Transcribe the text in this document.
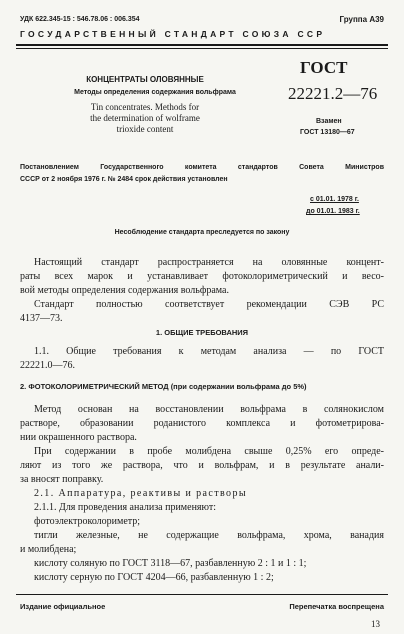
УДК 622.345-15 : 546.78.06 : 006.354	Группа А39
ГОСУДАРСТВЕННЫЙ СТАНДАРТ СОЮЗА ССР
КОНЦЕНТРАТЫ ОЛОВЯННЫЕ
Методы определения содержания вольфрама
Tin concentrates. Methods for
the determination of wolframe
trioxide content
ГОСТ
22221.2—76
Взамен
ГОСТ 13180—67
Постановлением Государственного комитета стандартов Совета Министров
СССР от 2 ноября 1976 г. № 2484 срок действия установлен
с 01.01. 1978 г.
до 01.01. 1983 г.
Несоблюдение стандарта преследуется по закону
Настоящий стандарт распространяется на оловянные концент-
раты всех марок и устанавливает фотоколориметрический и весо-
вой методы определения содержания вольфрама.
Стандарт полностью соответствует рекомендации СЭВ РС
4137—73.
1. ОБЩИЕ ТРЕБОВАНИЯ
1.1. Общие требования к методам анализа — по ГОСТ
22221.0—76.
2. ФОТОКОЛОРИМЕТРИЧЕСКИЙ МЕТОД (при содержании вольфрама до 5%)
Метод основан на восстановлении вольфрама в солянокислом
растворе, образовании роданистого комплекса и фотометрирова-
нии окрашенного раствора.
При содержании в пробе молибдена свыше 0,25% его опреде-
ляют из того же раствора, что и вольфрам, и в результате анали-
за вносят поправку.
2.1. Аппаратура, реактивы и растворы
2.1.1. Для проведения анализа применяют:
фотоэлектроколориметр;
тигли железные, не содержащие вольфрама, хрома, ванадия
и молибдена;
кислоту соляную по ГОСТ 3118—67, разбавленную 2 : 1 и 1 : 1;
кислоту серную по ГОСТ 4204—66, разбавленную 1 : 2;
Издание официальное	Перепечатка воспрещена
13
